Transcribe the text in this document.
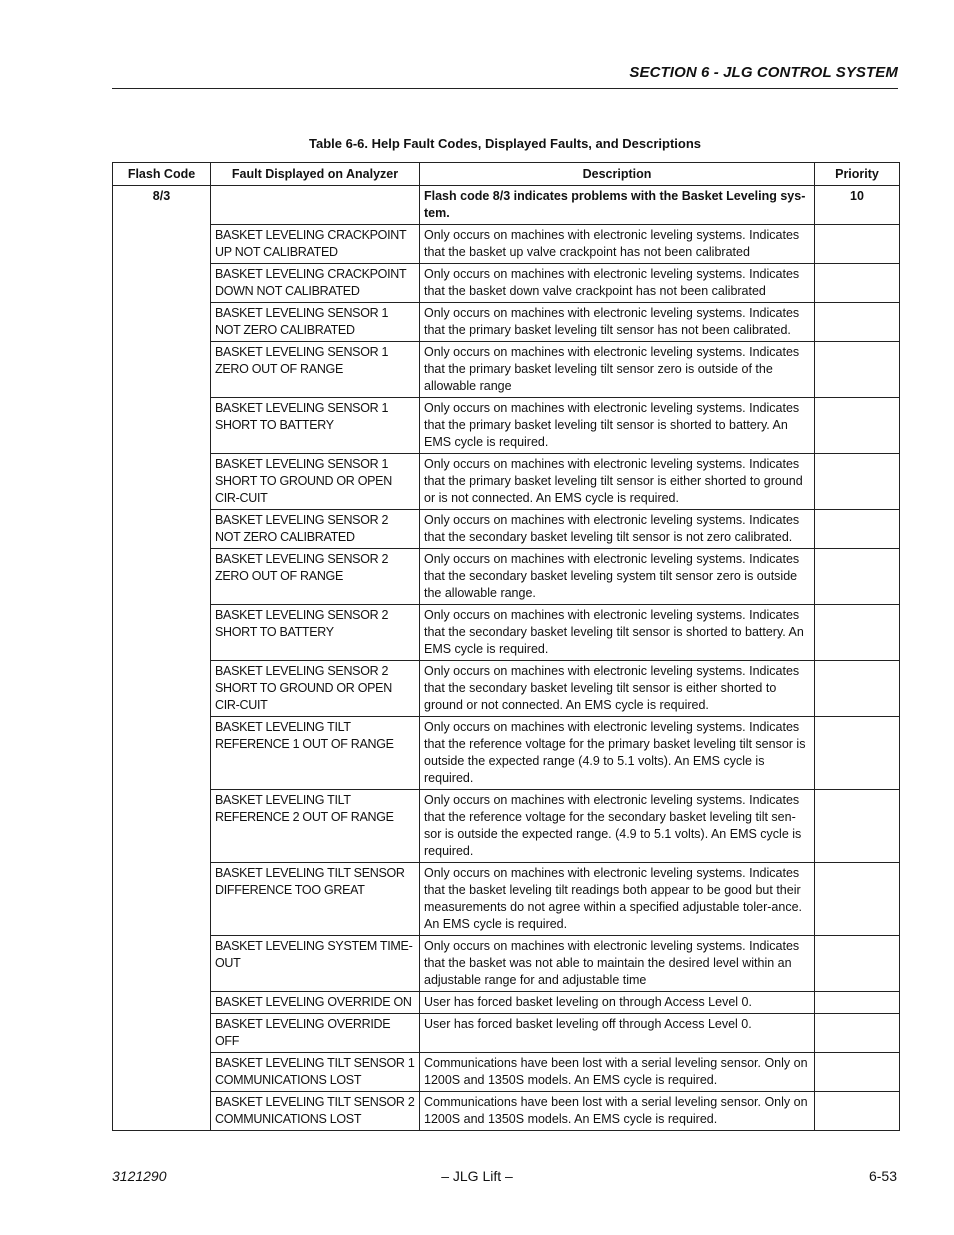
SECTION 6 - JLG CONTROL SYSTEM
Table 6-6. Help Fault Codes, Displayed Faults, and Descriptions
Flash Code	Fault Displayed on Analyzer	Description	Priority
8/3		Flash code 8/3 indicates problems with the Basket Leveling sys-tem.	10
	BASKET LEVELING CRACKPOINT UP NOT CALIBRATED	Only occurs on machines with electronic leveling systems. Indicates that the basket up valve crackpoint has not been calibrated	
	BASKET LEVELING CRACKPOINT DOWN NOT CALIBRATED	Only occurs on machines with electronic leveling systems. Indicates that the basket down valve crackpoint has not been calibrated	
	BASKET LEVELING SENSOR 1 NOT ZERO CALIBRATED	Only occurs on machines with electronic leveling systems. Indicates that the primary basket leveling tilt sensor has not been calibrated.	
	BASKET LEVELING SENSOR 1 ZERO OUT OF RANGE	Only occurs on machines with electronic leveling systems. Indicates that the primary basket leveling tilt sensor zero is outside of the allowable range	
	BASKET LEVELING SENSOR 1 SHORT TO BATTERY	Only occurs on machines with electronic leveling systems. Indicates that the primary basket leveling tilt sensor is shorted to battery. An EMS cycle is required.	
	BASKET LEVELING SENSOR 1 SHORT TO GROUND OR OPEN CIR-CUIT	Only occurs on machines with electronic leveling systems. Indicates that the primary basket leveling tilt sensor is either shorted to ground or is not connected. An EMS cycle is required.	
	BASKET LEVELING SENSOR 2 NOT ZERO CALIBRATED	Only occurs on machines with electronic leveling systems. Indicates that the secondary basket leveling tilt sensor is not zero calibrated.	
	BASKET LEVELING SENSOR 2 ZERO OUT OF RANGE	Only occurs on machines with electronic leveling systems. Indicates that the secondary basket leveling system tilt sensor zero is outside the allowable range.	
	BASKET LEVELING SENSOR 2 SHORT TO BATTERY	Only occurs on machines with electronic leveling systems. Indicates that the secondary basket leveling tilt sensor is shorted to battery. An EMS cycle is required.	
	BASKET LEVELING SENSOR 2 SHORT TO GROUND OR OPEN CIR-CUIT	Only occurs on machines with electronic leveling systems. Indicates that the secondary basket leveling tilt sensor is either shorted to ground or not connected. An EMS cycle is required.	
	BASKET LEVELING TILT REFERENCE 1 OUT OF RANGE	Only occurs on machines with electronic leveling systems. Indicates that the reference voltage for the primary basket leveling tilt sensor is outside the expected range (4.9 to 5.1 volts). An EMS cycle is required.	
	BASKET LEVELING TILT REFERENCE 2 OUT OF RANGE	Only occurs on machines with electronic leveling systems. Indicates that the reference voltage for the secondary basket leveling tilt sen-sor is outside the expected range. (4.9 to 5.1 volts). An EMS cycle is required.	
	BASKET LEVELING TILT SENSOR DIFFERENCE TOO GREAT	Only occurs on machines with electronic leveling systems. Indicates that the basket leveling tilt readings both appear to be good but their measurements do not agree within a specified adjustable toler-ance. An EMS cycle is required.	
	BASKET LEVELING SYSTEM TIME-OUT	Only occurs on machines with electronic leveling systems. Indicates that the basket was not able to maintain the desired level within an adjustable range for and adjustable time	
	BASKET LEVELING OVERRIDE ON	User has forced basket leveling on through Access Level 0.	
	BASKET LEVELING OVERRIDE OFF	User has forced basket leveling off through Access Level 0.	
	BASKET LEVELING TILT SENSOR 1 COMMUNICATIONS LOST	Communications have been lost with a serial leveling sensor. Only on 1200S and 1350S models. An EMS cycle is required.	
	BASKET LEVELING TILT SENSOR 2 COMMUNICATIONS LOST	Communications have been lost with a serial leveling sensor. Only on 1200S and 1350S models. An EMS cycle is required.	
3121290	– JLG Lift –	6-53
